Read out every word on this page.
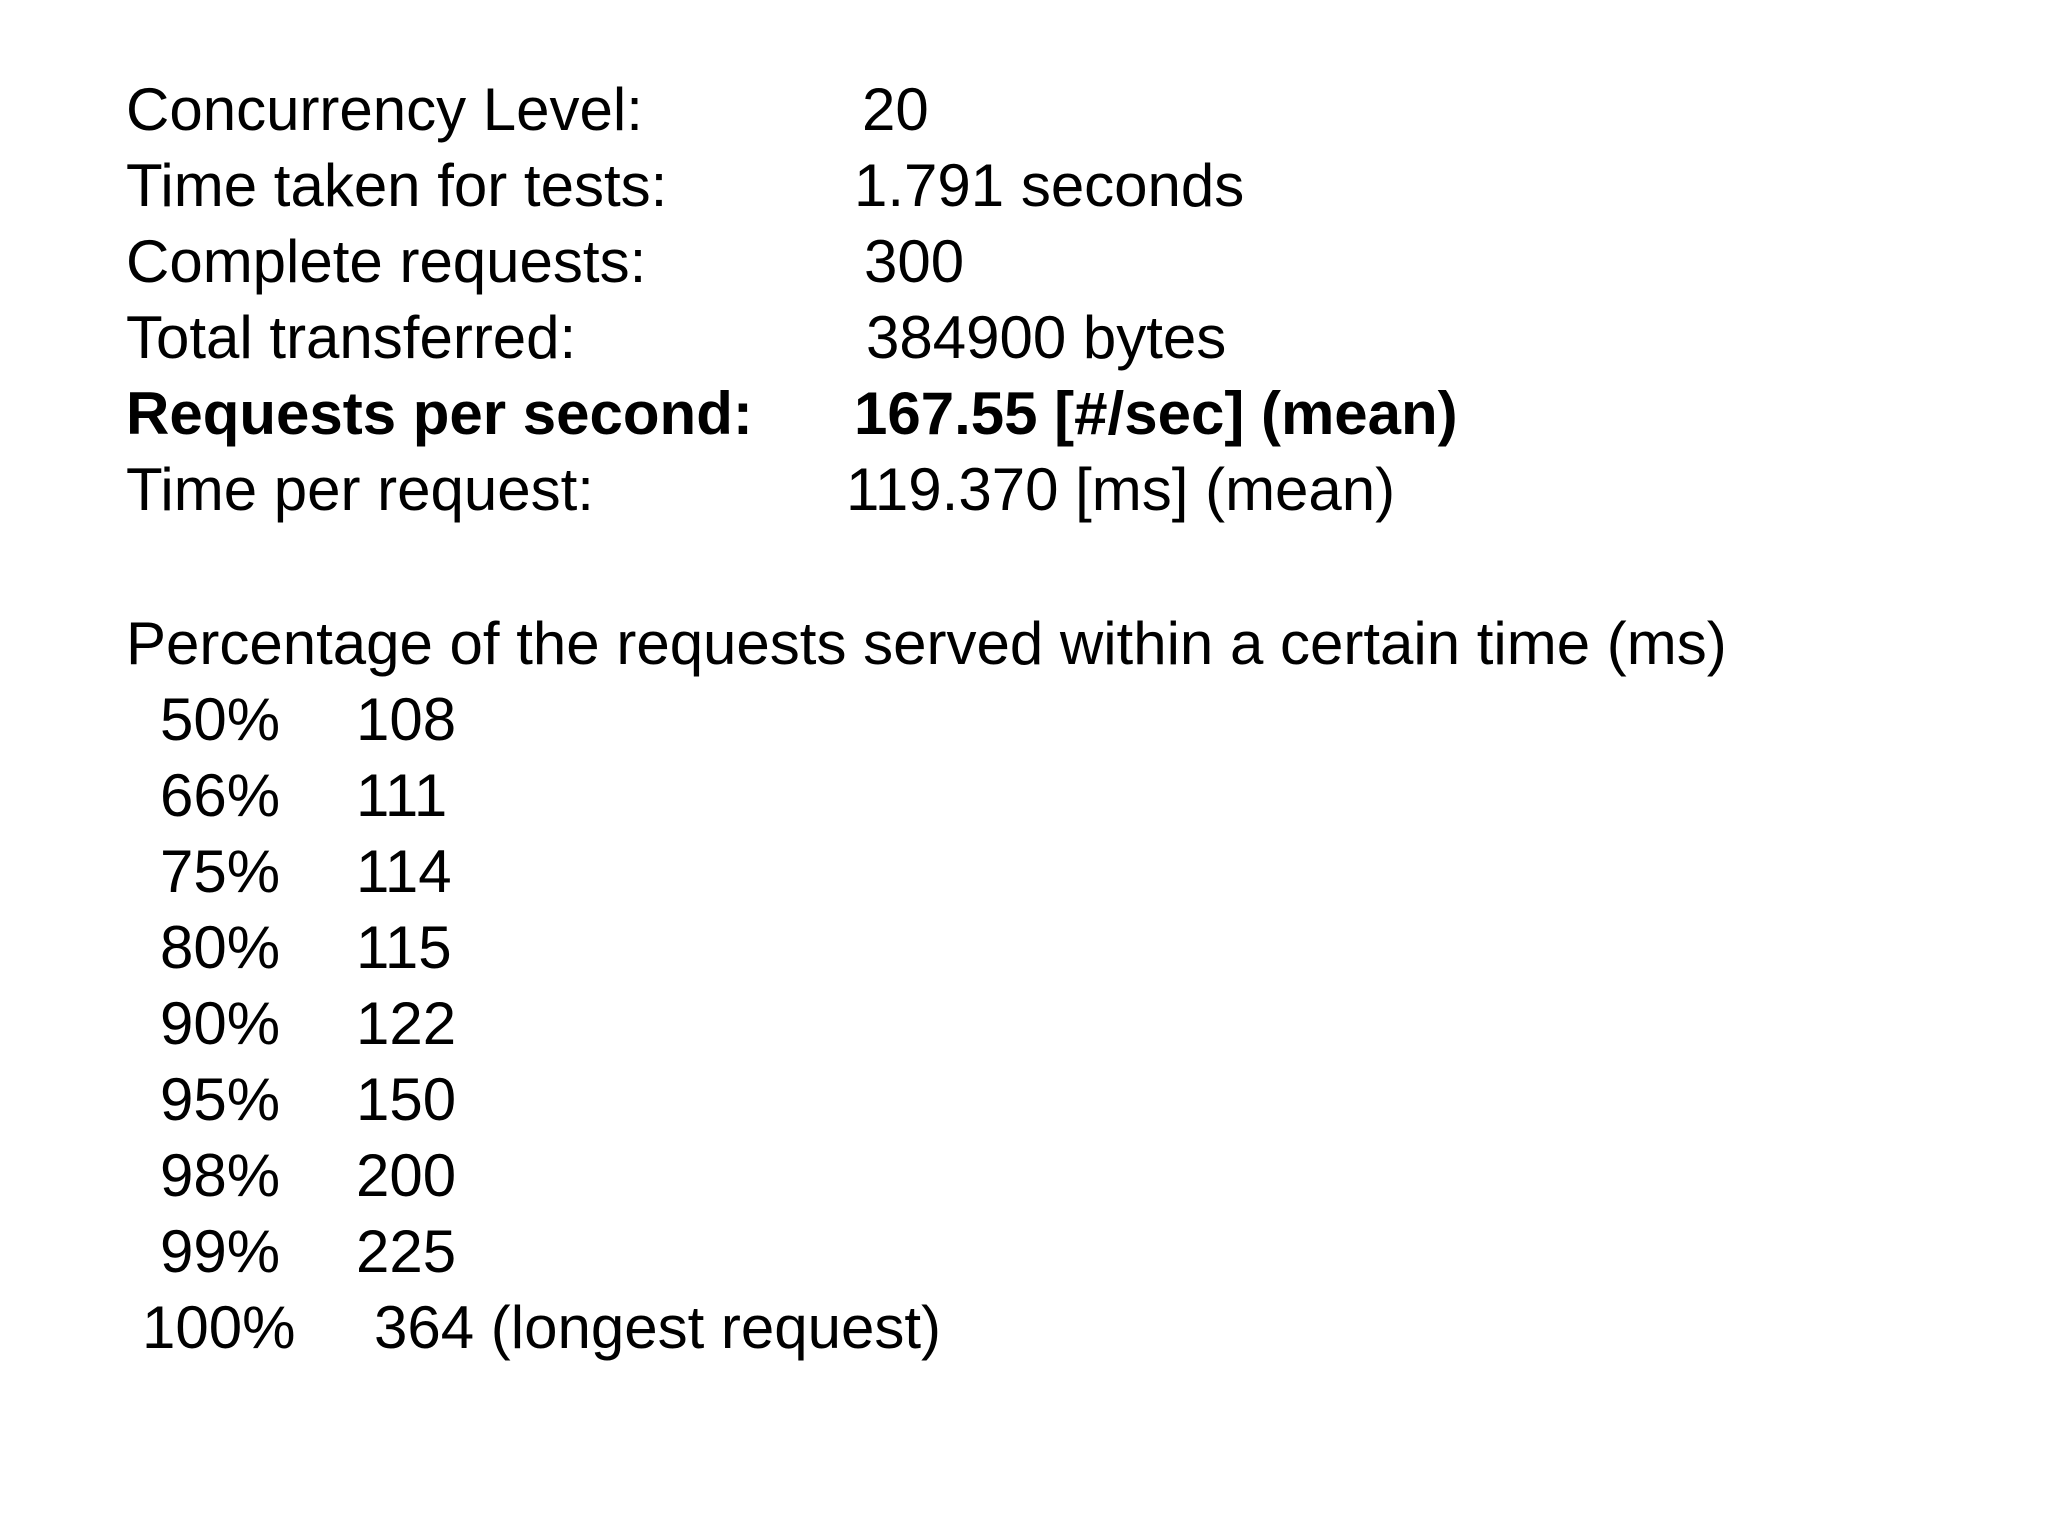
Concurrency Level:	20
Time taken for tests:	1.791 seconds
Complete requests:	300
Total transferred:	384900 bytes
Requests per second: 167.55 [#/sec] (mean)
Time per request:	119.370 [ms] (mean)
Percentage of the requests served within a certain time (ms)
50% 108
66% 111
75% 114
80% 115
90% 122
95% 150
98% 200
99% 225
100% 364 (longest request)
